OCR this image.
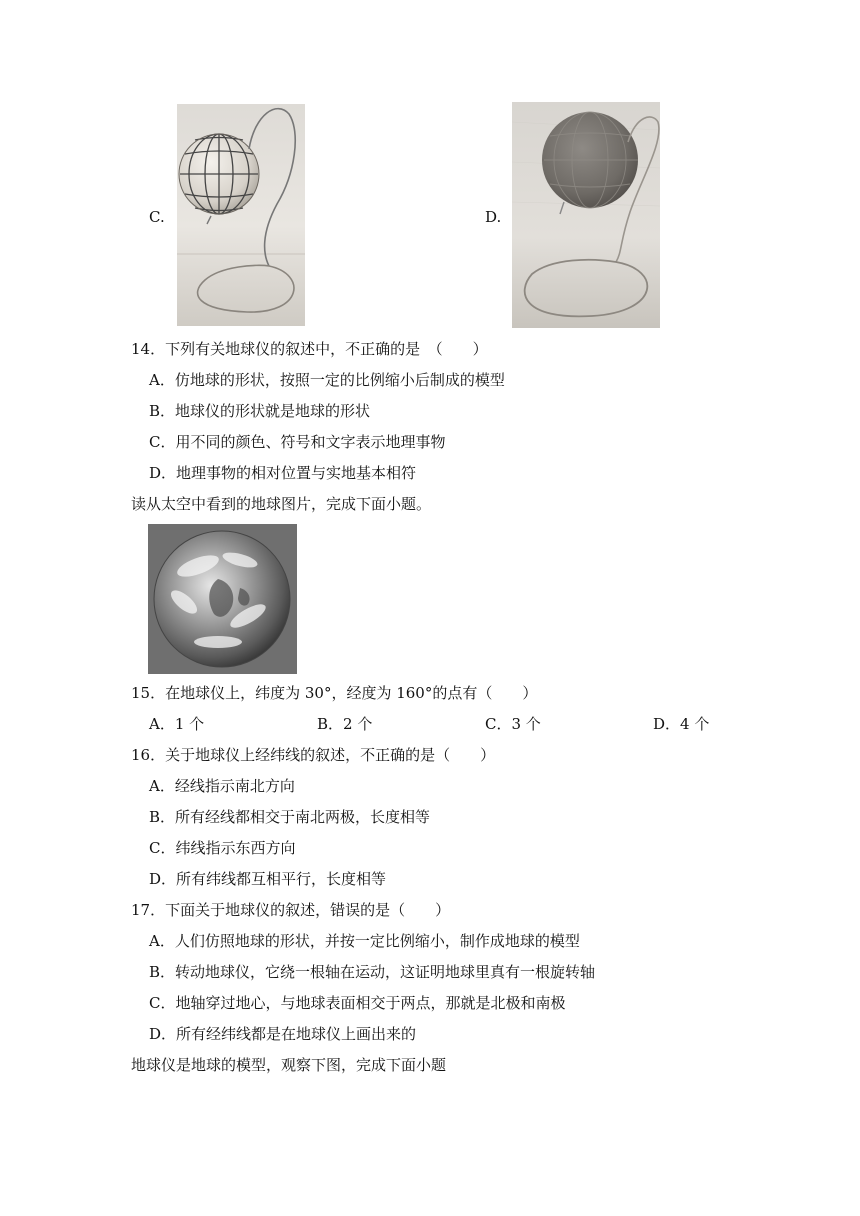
C.	D.
14．下列有关地球仪的叙述中，不正确的是　（　　）
A．仿地球的形状，按照一定的比例缩小后制成的模型
B．地球仪的形状就是地球的形状
C．用不同的颜色、符号和文字表示地理事物
D．地理事物的相对位置与实地基本相符
读从太空中看到的地球图片，完成下面小题。
15．在地球仪上，纬度为 30°，经度为 160°的点有（　　）
A．1 个	B．2 个	C．3 个	D．4 个
16．关于地球仪上经纬线的叙述，不正确的是（　　）
A．经线指示南北方向
B．所有经线都相交于南北两极，长度相等
C．纬线指示东西方向
D．所有纬线都互相平行，长度相等
17．下面关于地球仪的叙述，错误的是（　　）
A．人们仿照地球的形状，并按一定比例缩小，制作成地球的模型
B．转动地球仪，它绕一根轴在运动，这证明地球里真有一根旋转轴
C．地轴穿过地心，与地球表面相交于两点，那就是北极和南极
D．所有经纬线都是在地球仪上画出来的
地球仪是地球的模型，观察下图，完成下面小题
